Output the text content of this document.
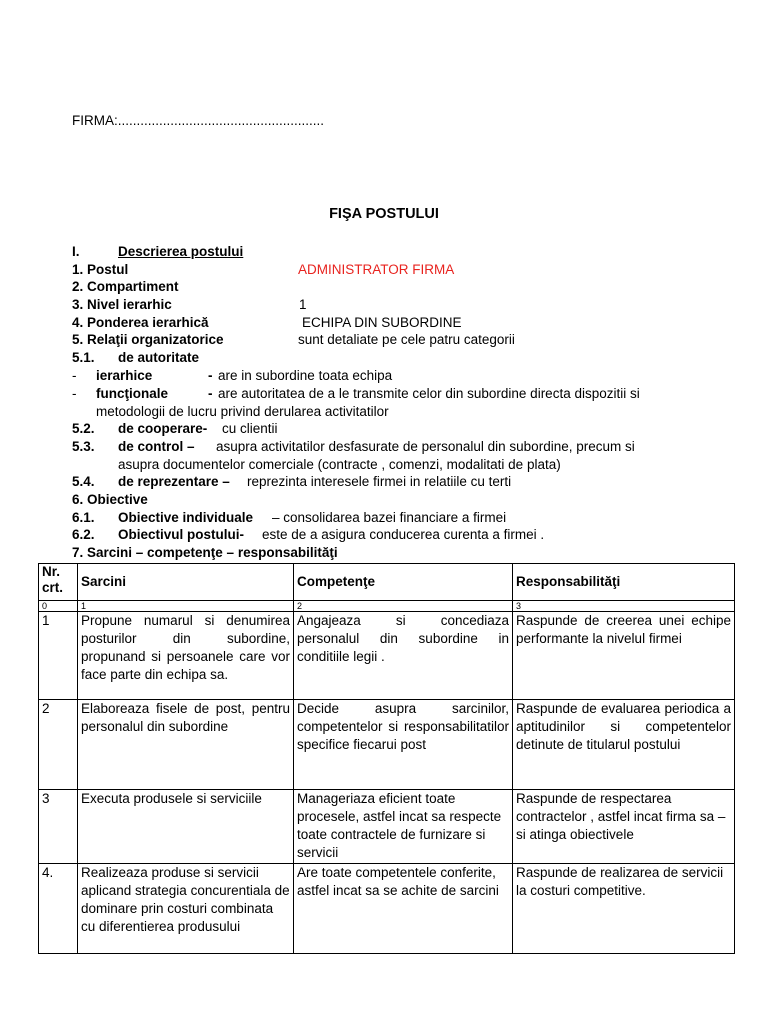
FIRMA:.......................................................
FIŞA POSTULUI
I.	Descrierea postului
1. Postul	ADMINISTRATOR FIRMA
2. Compartiment
3. Nivel ierarhic	1
4. Ponderea ierarhică	ECHIPA DIN SUBORDINE
5. Relaţii organizatorice	sunt detaliate pe cele patru categorii
5.1. de autoritate
- ierarhice	- are in subordine toata echipa
- funcţionale	- are autoritatea de a le transmite celor din subordine directa dispozitii si
metodologii de lucru privind derularea activitatilor
5.2. de cooperare- cu clientii
5.3. de control – asupra activitatilor desfasurate de personalul din subordine, precum si
asupra documentelor comerciale (contracte , comenzi, modalitati de plata)
5.4. de reprezentare – reprezinta interesele firmei in relatiile cu terti
6. Obiective
6.1. Obiective individuale – consolidarea bazei financiare a firmei
6.2. Obiectivul postului- este de a asigura conducerea curenta a firmei .
7. Sarcini – competenţe – responsabilităţi
Nr. crt.	Sarcini	Competenţe	Responsabilităţi
0	1	2	3
1	Propune numarul si denumirea posturilor din subordine, propunand si persoanele care vor face parte din echipa sa.	Angajeaza si concediaza personalul din subordine in conditiile legii .	Raspunde de creerea unei echipe performante la nivelul firmei
2	Elaboreaza fisele de post, pentru personalul din subordine	Decide asupra sarcinilor, competentelor si responsabilitatilor specifice fiecarui post	Raspunde de evaluarea periodica a aptitudinilor si competentelor detinute de titularul postului
3	Executa produsele si serviciile	Manageriaza eficient toate procesele, astfel incat sa respecte toate contractele de furnizare si servicii	Raspunde de respectarea contractelor , astfel incat firma sa –si atinga obiectivele
4.	Realizeaza produse si servicii aplicand strategia concurentiala de dominare prin costuri combinata cu diferentierea produsului	Are toate competentele conferite, astfel incat sa se achite de sarcini	Raspunde de realizarea de servicii la costuri competitive.
